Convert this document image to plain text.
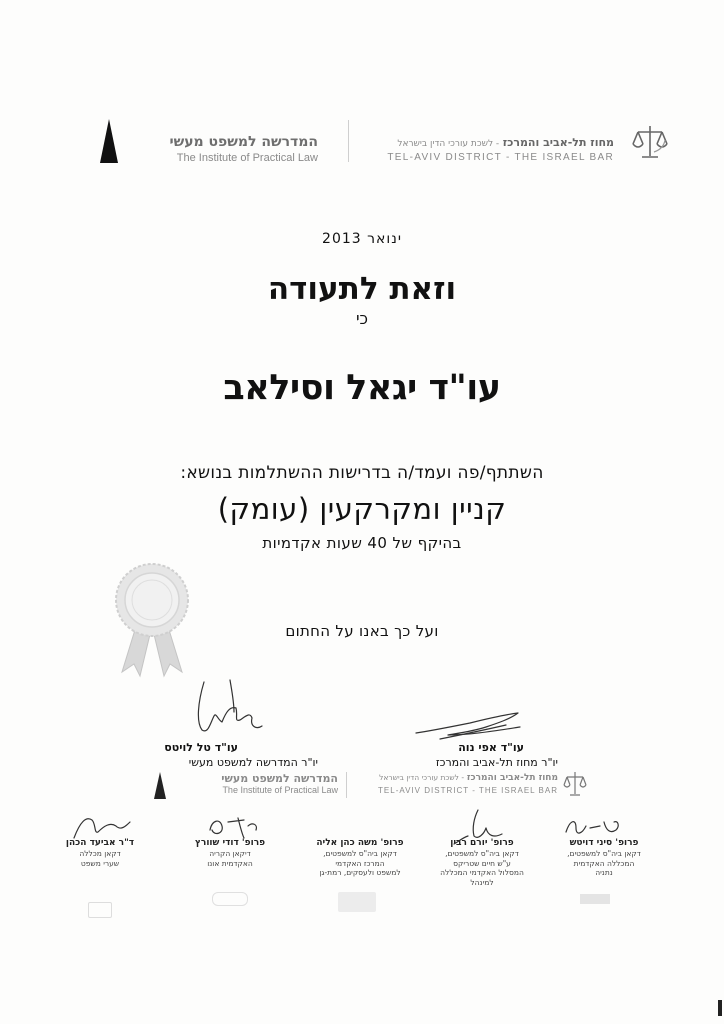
המדרשה למשפט מעשי
The Institute of Practical Law
מחוז תל-אביב והמרכז - לשכת עורכי הדין בישראל
TEL-AVIV DISTRICT - THE ISRAEL BAR
ינואר 2013
וזאת לתעודה
כי
עו"ד יגאל וסילאב
השתתף/פה ועמד/ה בדרישות ההשתלמות בנושא:
קניין ומקרקעין (עומק)
בהיקף של 40 שעות אקדמיות
ועל כך באנו על החתום
עו"ד טל לויטס
יו"ר המדרשה למשפט מעשי
עו"ד אפי נוה
יו"ר מחוז תל-אביב והמרכז
המדרשה למשפט מעשי
The Institute of Practical Law
מחוז תל-אביב והמרכז - לשכת עורכי הדין בישראל
TEL-AVIV DISTRICT - THE ISRAEL BAR
ד"ר אביעד הכהן
דקאן מכללה
שערי משפט
פרופ' דודי שוורץ
דיקאן הקריה
האקדמית אונו
פרופ' משה כהן אליה
דקאן ביה"ס למשפטים,
המרכז האקדמי
למשפט ולעסקים, רמת-גן
פרופ' יורם רבין
דקאן ביה"ס למשפטים,
ע"ש חיים שטריקס
המסלול האקדמי המכללה למינהל
פרופ' סיני דויטש
דקאן ביה"ס למשפטים,
המכללה האקדמית
נתניה
